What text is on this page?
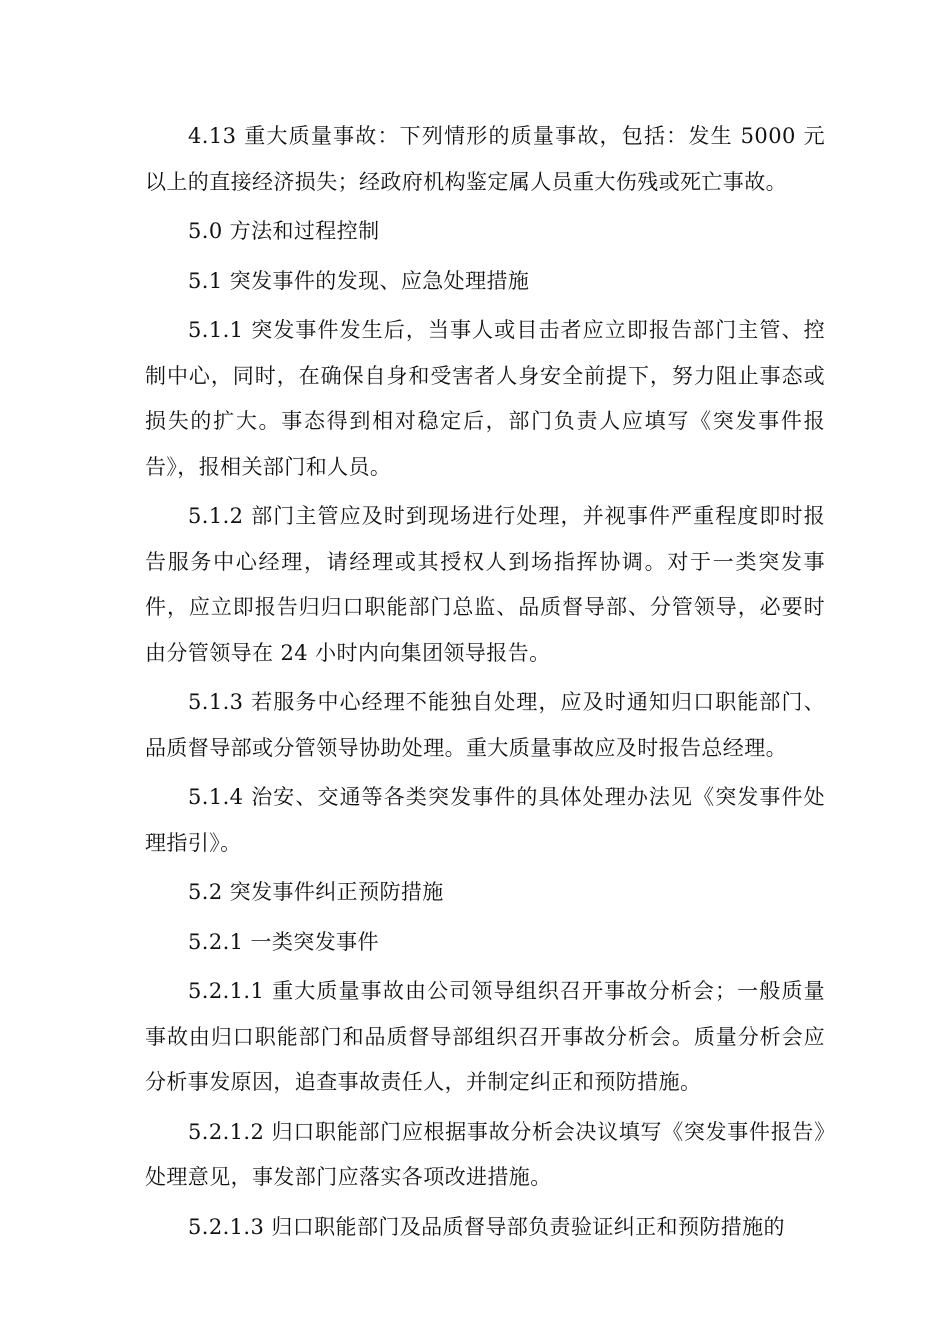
4.13 重大质量事故：下列情形的质量事故，包括：发生 5000 元以上的直接经济损失；经政府机构鉴定属人员重大伤残或死亡事故。

5.0 方法和过程控制

5.1 突发事件的发现、应急处理措施

5.1.1 突发事件发生后，当事人或目击者应立即报告部门主管、控制中心，同时，在确保自身和受害者人身安全前提下，努力阻止事态或损失的扩大。事态得到相对稳定后，部门负责人应填写《突发事件报告》，报相关部门和人员。

5.1.2 部门主管应及时到现场进行处理，并视事件严重程度即时报告服务中心经理，请经理或其授权人到场指挥协调。对于一类突发事件，应立即报告归归口职能部门总监、品质督导部、分管领导，必要时由分管领导在 24 小时内向集团领导报告。

5.1.3 若服务中心经理不能独自处理，应及时通知归口职能部门、品质督导部或分管领导协助处理。重大质量事故应及时报告总经理。

5.1.4 治安、交通等各类突发事件的具体处理办法见《突发事件处理指引》。

5.2 突发事件纠正预防措施

5.2.1 一类突发事件

5.2.1.1 重大质量事故由公司领导组织召开事故分析会；一般质量事故由归口职能部门和品质督导部组织召开事故分析会。质量分析会应分析事发原因，追查事故责任人，并制定纠正和预防措施。

5.2.1.2 归口职能部门应根据事故分析会决议填写《突发事件报告》处理意见，事发部门应落实各项改进措施。

5.2.1.3 归口职能部门及品质督导部负责验证纠正和预防措施的
